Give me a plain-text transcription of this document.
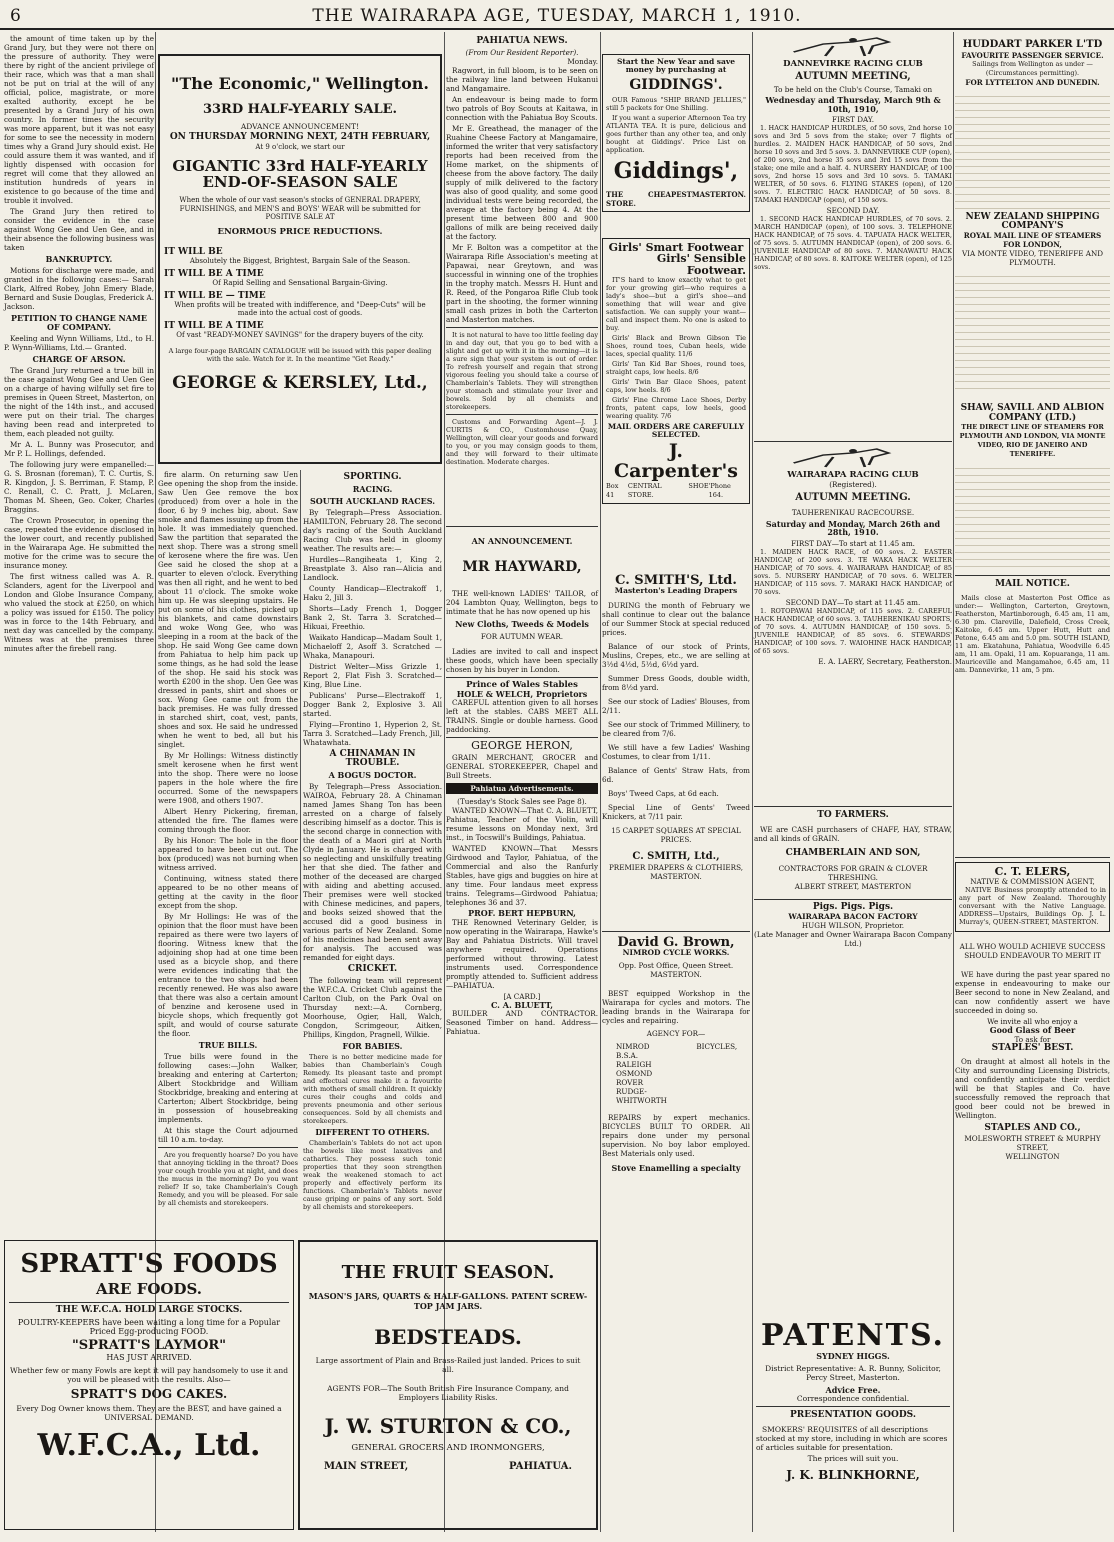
6	THE WAIRARAPA AGE, TUESDAY, MARCH 1, 1910.

the amount of time taken up by the Grand Jury, but they were not there on the pressure of authority. They were there by right of the ancient privilege of their race, which was that a man shall not be put on trial at the will of any official, police, magistrate, or more exalted authority, except he be presented by a Grand Jury of his own country. In former times the security was more apparent, but it was not easy for some to see the necessity in modern times why a Grand Jury should exist. He could assure them it was wanted, and if lightly dispensed with occasion for regret will come that they allowed an institution hundreds of years in existence to go because of the time and trouble it involved.

The Grand Jury then retired to consider the evidence in the case against Wong Gee and Uen Gee, and in their absence the following business was taken

BANKRUPTCY.

Motions for discharge were made, and granted in the following cases:— Sarah Clark, Alfred Robey, John Emery Blade, Bernard and Susie Douglas, Frederick A. Jackson.

PETITION TO CHANGE NAME OF COMPANY.

Keeling and Wynn Williams, Ltd., to H. P. Wynn-Williams, Ltd.— Granted.

CHARGE OF ARSON.

The Grand Jury returned a true bill in the case against Wong Gee and Uen Gee on a charge of having wilfully set fire to premises in Queen Street, Masterton, on the night of the 14th inst., and accused were put on their trial. The charges having been read and interpreted to them, each pleaded not guilty.

Mr A. L. Bunny was Prosecutor, and Mr P. L. Hollings, defended.

The following jury were empanelled:—G. S. Brosnan (foreman), T. C. Curtis, S. R. Kingdon, J. S. Berriman, F. Stamp, P. C. Renall, C. C. Pratt, J. McLaren, Thomas M. Sheen, Geo. Coker, Charles Braggins.

The Crown Prosecutor, in opening the case, repeated the evidence disclosed in the lower court, and recently published in the Wairarapa Age. He submitted the motive for the crime was to secure the insurance money.

The first witness called was A. R. Sclanders, agent for the Liverpool and London and Globe Insurance Company, who valued the stock at £250, on which a policy was issued for £150. The policy was in force to the 14th February, and next day was cancelled by the company. Witness was at the premises three minutes after the firebell rang.

SPRATT'S FOODS
ARE FOODS.
THE W.F.C.A. HOLD LARGE STOCKS.
POULTRY-KEEPERS have been waiting a long time for a Popular Priced Egg-producing FOOD.
"SPRATT'S LAYMOR"
HAS JUST ARRIVED.
Whether few or many Fowls are kept it will pay handsomely to use it and you will be pleased with the results. Also—
SPRATT'S DOG CAKES.
Every Dog Owner knows them. They are the BEST, and have gained a UNIVERSAL DEMAND.
W.F.C.A., Ltd.
"The Economic," Wellington.
33RD HALF-YEARLY SALE.
ADVANCE ANNOUNCEMENT!
ON THURSDAY MORNING NEXT, 24TH FEBRUARY,
At 9 o'clock, we start our
GIGANTIC 33rd HALF-YEARLY
END-OF-SEASON SALE
When the whole of our vast season's stocks of GENERAL DRAPERY, FURNISHINGS, and MEN'S and BOYS' WEAR will be submitted for POSITIVE SALE AT
ENORMOUS PRICE REDUCTIONS.
IT WILL BE
Absolutely the Biggest, Brightest, Bargain Sale of the Season.
IT WILL BE A TIME
Of Rapid Selling and Sensational Bargain-Giving.
IT WILL BE — TIME
When profits will be treated with indifference, and "Deep-Cuts" will be made into the actual cost of goods.
IT WILL BE A TIME
Of vast "READY-MONEY SAVINGS" for the drapery buyers of the city.
A large four-page BARGAIN CATALOGUE will be issued with this paper dealing with the sale. Watch for it. In the meantime "Get Ready."
GEORGE & KERSLEY, Ltd.,

fire alarm. On returning saw Uen Gee opening the shop from the inside. Saw Uen Gee remove the box (produced) from over a hole in the floor, 6 by 9 inches big, about. Saw smoke and flames issuing up from the hole. It was immediately quenched. Saw the partition that separated the next shop. There was a strong smell of kerosene where the fire was. Uen Gee said he closed the shop at a quarter to eleven o'clock. Everything was then all right, and he went to bed about 11 o'clock. The smoke woke him up. He was sleeping upstairs. He put on some of his clothes, picked up his blankets, and came downstairs and woke Wong Gee, who was sleeping in a room at the back of the shop. He said Wong Gee came down from Pahiatua to help him pack up some things, as he had sold the lease of the shop. He said his stock was worth £200 in the shop. Uen Gee was dressed in pants, shirt and shoes or sox. Wong Gee came out from the back premises. He was fully dressed in starched shirt, coat, vest, pants, shoes and sox. He said he undressed when he went to bed, all but his singlet.

By Mr Hollings: Witness distinctly smelt kerosene when he first went into the shop. There were no loose papers in the hole where the fire occurred. Some of the newspapers were 1908, and others 1907.

Albert Henry Pickering, fireman, attended the fire. The flames were coming through the floor.

By his Honor: The hole in the floor appeared to have been cut out. The box (produced) was not burning when witness arrived.

Continuing, witness stated there appeared to be no other means of getting at the cavity in the floor except from the shop.

By Mr Hollings: He was of the opinion that the floor must have been repaired as there were two layers of flooring. Witness knew that the adjoining shop had at one time been used as a bicycle shop, and there were evidences indicating that the entrance to the two shops had been recently renewed. He was also aware that there was also a certain amount of benzine and kerosene used in bicycle shops, which frequently got spilt, and would of course saturate the floor.

TRUE BILLS.

True bills were found in the following cases:—John Walker, breaking and entering at Carterton; Albert Stockbridge and William Stockbridge, breaking and entering at Carterton; Albert Stockbridge, being in possession of housebreaking implements.

At this stage the Court adjourned till 10 a.m. to-day.

Are you frequently hoarse? Do you have that annoying tickling in the throat? Does your cough trouble you at night, and does the mucus in the morning? Do you want relief? If so, take Chamberlain's Cough Remedy, and you will be pleased. For sale by all chemists and storekeepers.

SPORTING.
RACING.
SOUTH AUCKLAND RACES.

By Telegraph—Press Association. HAMILTON, February 28. The second day's racing of the South Auckland Racing Club was held in gloomy weather. The results are:—

Hurdles—Rangiheata 1, King 2, Breastplate 3. Also ran—Alicia and Landlock.

County Handicap—Electrakoff 1, Haku 2, Jill 3.

Shorts—Lady French 1, Dogger Bank 2, St. Tarra 3. Scratched—Hikuai, Freethio.

Waikato Handicap—Madam Soult 1, Michaeloff 2, Asoff 3. Scratched —Whaka, Manapouri.

District Welter—Miss Grizzle 1, Report 2, Flat Fish 3. Scratched—King, Blue Line.

Publicans' Purse—Electrakoff 1, Dogger Bank 2, Explosive 3. All started.

Flying—Frontino 1, Hyperion 2, St. Tarra 3. Scratched—Lady French, Jill, Whatawhata.

A CHINAMAN IN TROUBLE.
A BOGUS DOCTOR.

By Telegraph—Press Association. WAIROA, February 28. A Chinaman named James Shang Ton has been arrested on a charge of falsely describing himself as a doctor. This is the second charge in connection with the death of a Maori girl at North Clyde in January. He is charged with so neglecting and unskilfully treating her that she died. The father and mother of the deceased are charged with aiding and abetting accused. Their premises were well stocked with Chinese medicines, and papers, and books seized showed that the accused did a good business in various parts of New Zealand. Some of his medicines had been sent away for analysis. The accused was remanded for eight days.

CRICKET.

The following team will represent the W.F.C.A. Cricket Club against the Carlton Club, on the Park Oval on Thursday next:—A. Cornberg, Moorhouse, Ogier, Hall, Walch, Congdon, Scrimgeour, Aitken, Phillips, Kingdon, Pragnell, Wilkie.

FOR BABIES.

There is no better medicine made for babies than Chamberlain's Cough Remedy. Its pleasant taste and prompt and effectual cures make it a favourite with mothers of small children. It quickly cures their coughs and colds and prevents pneumonia and other serious consequences. Sold by all chemists and storekeepers.

DIFFERENT TO OTHERS.

Chamberlain's Tablets do not act upon the bowels like most laxatives and cathartics. They possess such tonic properties that they soon strengthen weak the weakened stomach to act properly and effectively perform its functions. Chamberlain's Tablets never cause griping or pains of any sort. Sold by all chemists and storekeepers.

THE FRUIT SEASON.
MASON'S JARS, QUARTS & HALF-GALLONS. PATENT SCREW-TOP JAM JARS.
BEDSTEADS.
Large assortment of Plain and Brass-Railed just landed. Prices to suit all.
AGENTS FOR—The South British Fire Insurance Company, and Employers Liability Risks.
J. W. STURTON & CO.,
GENERAL GROCERS AND IRONMONGERS,
MAIN STREET,	PAHIATUA.
PAHIATUA NEWS.
(From Our Resident Reporter).
Monday.

Ragwort, in full bloom, is to be seen on the railway line land between Hukanui and Mangamaire.

An endeavour is being made to form two patrols of Boy Scouts at Kaitawa, in connection with the Pahiatua Boy Scouts.

Mr E. Greathead, the manager of the Ruahine Cheese Factory at Mangamaire, informed the writer that very satisfactory reports had been received from the Home market, on the shipments of cheese from the above factory. The daily supply of milk delivered to the factory was also of good quality, and some good individual tests were being recorded, the average at the factory being 4. At the present time between 800 and 900 gallons of milk are being received daily at the factory.

Mr F. Bolton was a competitor at the Wairarapa Rifle Association's meeting at Papawai, near Greytown, and was successful in winning one of the trophies in the trophy match. Messrs H. Hunt and R. Reed, of the Pongaroa Rifle Club took part in the shooting, the former winning small cash prizes in both the Carterton and Masterton matches.

It is not natural to have too little feeling day in and day out, that you go to bed with a slight and get up with it in the morning—it is a sure sign that your system is out of order. To refresh yourself and regain that strong vigorous feeling you should take a course of Chamberlain's Tablets. They will strengthen your stomach and stimulate your liver and bowels. Sold by all chemists and storekeepers.

Customs and Forwarding Agent—J. J. CURTIS & CO., Customhouse Quay, Wellington, will clear your goods and forward to you, or you may consign goods to them, and they will forward to their ultimate destination. Moderate charges.

AN ANNOUNCEMENT.
MR HAYWARD,

THE well-known LADIES' TAILOR, of 204 Lambton Quay, Wellington, begs to intimate that he has now opened up his

New Cloths, Tweeds & Models
FOR AUTUMN WEAR.

Ladies are invited to call and inspect these goods, which have been specially chosen by his buyer in London.

Prince of Wales Stables
HOLE & WELCH, Proprietors

CAREFUL attention given to all horses left at the stables. CABS MEET ALL TRAINS. Single or double harness. Good paddocking.

GEORGE HERON,

GRAIN MERCHANT, GROCER and GENERAL STOREKEEPER, Chapel and Bull Streets.

Pahiatua Advertisements.
(Tuesday's Stock Sales see Page 8).

WANTED KNOWN—That C. A. BLUETT, Pahiatua, Teacher of the Violin, will resume lessons on Monday next, 3rd inst., in Tocswill's Buildings, Pahiatua.

WANTED KNOWN—That Messrs Girdwood and Taylor, Pahiatua, of the Commercial and also the Ranfurly Stables, have gigs and buggies on hire at any time. Four landaus meet express trains. Telegrams—Girdwood Pahiatua; telephones 36 and 37.

PROF. BERT HEPBURN,

THE Renowned Veterinary Gelder, is now operating in the Wairarapa, Hawke's Bay and Pahiatua Districts. Will travel anywhere required. Operations performed without throwing. Latest instruments used. Correspondence promptly attended to. Sufficient address—PAHIATUA.

[A CARD.]
C. A. BLUETT,

BUILDER AND CONTRACTOR. Seasoned Timber on hand. Address— Pahiatua.

Start the New Year and save money by purchasing at
GIDDINGS'.

OUR Famous "SHIP BRAND JELLIES," still 5 packets for One Shilling.

If you want a superior Afternoon Tea try ATLANTA TEA. It is pure, delicious and goes further than any other tea, and only bought at Giddings'. Price List on application.

Giddings',
THE CHEAPEST STORE.
MASTERTON.
Girls' Smart Footwear
Girls' Sensible Footwear.

IT'S hard to know exactly what to get for your growing girl—who requires a lady's shoe—but a girl's shoe—and something that will wear and give satisfaction. We can supply your want—call and inspect them. No one is asked to buy.

Girls' Black and Brown Gibson Tie Shoes, round toes, Cuban heels, wide laces, special quality. 11/6

Girls' Tan Kid Bar Shoes, round toes, straight caps, low heels. 8/6

Girls' Twin Bar Glace Shoes, patent caps, low heels. 8/6

Girls' Fine Chrome Lace Shoes, Derby fronts, patent caps, low heels, good wearing quality. 7/6

MAIL ORDERS ARE CAREFULLY SELECTED.
J. Carpenter's
Box 41
CENTRAL SHOE STORE.
'Phone 164.
C. SMITH'S, Ltd.
Masterton's Leading Drapers

DURING the month of February we shall continue to clear out the balance of our Summer Stock at special reduced prices.

Balance of our stock of Prints, Muslins, Crepes, etc., we are selling at 3½d 4½d, 5½d, 6½d yard.

Summer Dress Goods, double width, from 8½d yard.

See our stock of Ladies' Blouses, from 2/11.

See our stock of Trimmed Millinery, to be cleared from 7/6.

We still have a few Ladies' Washing Costumes, to clear from 1/11.

Balance of Gents' Straw Hats, from 6d.

Boys' Tweed Caps, at 6d each.

Special Line of Gents' Tweed Knickers, at 7/11 pair.

15 CARPET SQUARES AT SPECIAL PRICES.
C. SMITH, Ltd.,
PREMIER DRAPERS & CLOTHIERS, MASTERTON.
David G. Brown,
NIMROD CYCLE WORKS.
Opp. Post Office, Queen Street. MASTERTON.

BEST equipped Workshop in the Wairarapa for cycles and motors. The leading brands in the Wairarapa for cycles and repairing.

AGENCY FOR—
NIMROD
B.S.A.
RALEIGH
OSMOND
ROVER
RUDGE-WHITWORTH
BICYCLES,

REPAIRS by expert mechanics. BICYCLES BUILT TO ORDER. All repairs done under my personal supervision. No boy labor employed. Best Materials only used.

Stove Enamelling a specialty
DANNEVIRKE RACING CLUB
AUTUMN MEETING,
To be held on the Club's Course, Tamaki on
Wednesday and Thursday, March 9th & 10th, 1910,
FIRST DAY.

1. HACK HANDICAP HURDLES, of 50 sovs, 2nd horse 10 sovs and 3rd 5 sovs from the stake; over 7 flights of hurdles. 2. MAIDEN HACK HANDICAP, of 50 sovs, 2nd horse 10 sovs and 3rd 5 sovs. 3. DANNEVIRKE CUP (open), of 200 sovs, 2nd horse 35 sovs and 3rd 15 sovs from the stake; one mile and a half. 4. NURSERY HANDICAP, of 100 sovs, 2nd horse 15 sovs and 3rd 10 sovs. 5. TAMAKI WELTER, of 50 sovs. 6. FLYING STAKES (open), of 120 sovs. 7. ELECTRIC HACK HANDICAP, of 50 sovs. 8. TAMAKI HANDICAP (open), of 150 sovs.

SECOND DAY.

1. SECOND HACK HANDICAP HURDLES, of 70 sovs. 2. MARCH HANDICAP (open), of 100 sovs. 3. TELEPHONE HACK HANDICAP, of 75 sovs. 4. TAPUATA HACK WELTER, of 75 sovs. 5. AUTUMN HANDICAP (open), of 200 sovs. 6. JUVENILE HANDICAP of 80 sovs. 7. MANAWATU HACK HANDICAP, of 80 sovs. 8. KAITOKE WELTER (open), of 125 sovs.

WAIRARAPA RACING CLUB
(Registered).
AUTUMN MEETING.
TAUHERENIKAU RACECOURSE.
Saturday and Monday, March 26th and 28th, 1910.
FIRST DAY—To start at 11.45 am.

1. MAIDEN HACK RACE, of 60 sovs. 2. EASTER HANDICAP, of 200 sovs. 3. TE WAKA HACK WELTER HANDICAP, of 70 sovs. 4. WAIRARAPA HANDICAP, of 85 sovs. 5. NURSERY HANDICAP, of 70 sovs. 6. WELTER HANDICAP, of 115 sovs. 7. MARAKI HACK HANDICAP, of 70 sovs.

SECOND DAY—To start at 11.45 am.

1. ROTOPAWAI HANDICAP, of 115 sovs. 2. CAREFUL HACK HANDICAP, of 60 sovs. 3. TAUHERENIKAU SPORTS, of 70 sovs. 4. AUTUMN HANDICAP, of 150 sovs. 5. JUVENILE HANDICAP, of 85 sovs. 6. STEWARDS' HANDICAP, of 100 sovs. 7. WAIOHINE HACK HANDICAP, of 65 sovs.

E. A. LAERY, Secretary, Featherston.
TO FARMERS.

WE are CASH purchasers of CHAFF, HAY, STRAW, and all kinds of GRAIN.

CHAMBERLAIN AND SON,
CONTRACTORS FOR GRAIN & CLOVER THRESHING.
ALBERT STREET, MASTERTON
Pigs. Pigs. Pigs.
WAIRARAPA BACON FACTORY
HUGH WILSON, Proprietor.
(Late Manager and Owner Wairarapa Bacon Company Ltd.)
PATENTS.
SYDNEY HIGGS.
District Representative: A. R. Bunny, Solicitor, Percy Street, Masterton.
Advice Free.
Correspondence confidential.
PRESENTATION GOODS.

SMOKERS' REQUISITES of all descriptions stocked at my store, including in which are scores of articles suitable for presentation.

The prices will suit you.
J. K. BLINKHORNE,
HUDDART PARKER L'TD
FAVOURITE PASSENGER SERVICE.
Sailings from Wellington as under — (Circumstances permitting).
FOR LYTTELTON AND DUNEDIN.
NEW ZEALAND SHIPPING COMPANY'S
ROYAL MAIL LINE OF STEAMERS FOR LONDON,
VIA MONTE VIDEO, TENERIFFE AND PLYMOUTH.
SHAW, SAVILL AND ALBION COMPANY (LTD.)
THE DIRECT LINE OF STEAMERS FOR PLYMOUTH AND LONDON, VIA MONTE VIDEO, RIO DE JANEIRO AND TENERIFFE.
MAIL NOTICE.

Mails close at Masterton Post Office as under:— Wellington, Carterton, Greytown, Featherston, Martinborough, 6.45 am, 11 am, 6.30 pm. Clareville, Dalefield, Cross Creek, Kaitoke, 6.45 am. Upper Hutt, Hutt and Petone, 6.45 am and 5.0 pm. SOUTH ISLAND, 11 am. Ekatahuna, Pahiatua, Woodville 6.45 am, 11 am. Opaki, 11 am. Kopuaranga, 11 am. Mauriceville and Mangamahoe, 6.45 am, 11 am. Dannevirke, 11 am, 5 pm.

C. T. ELERS,
NATIVE & COMMISSION AGENT,

NATIVE Business promptly attended to in any part of New Zealand. Thoroughly conversant with the Native Language. ADDRESS—Upstairs, Buildings Op. J. L. Murray's, QUEEN-STREET, MASTERTON.

ALL WHO WOULD ACHIEVE SUCCESS SHOULD ENDEAVOUR TO MERIT IT

WE have during the past year spared no expense in endeavouring to make our Beer second to none in New Zealand, and can now confidently assert we have succeeded in doing so.

We invite all who enjoy a
Good Glass of Beer
To ask for
STAPLES' BEST.

On draught at almost all hotels in the City and surrounding Licensing Districts, and confidently anticipate their verdict will be that Staples and Co. have successfully removed the reproach that good beer could not be brewed in Wellington.

STAPLES AND CO.,
MOLESWORTH STREET & MURPHY STREET,
WELLINGTON
